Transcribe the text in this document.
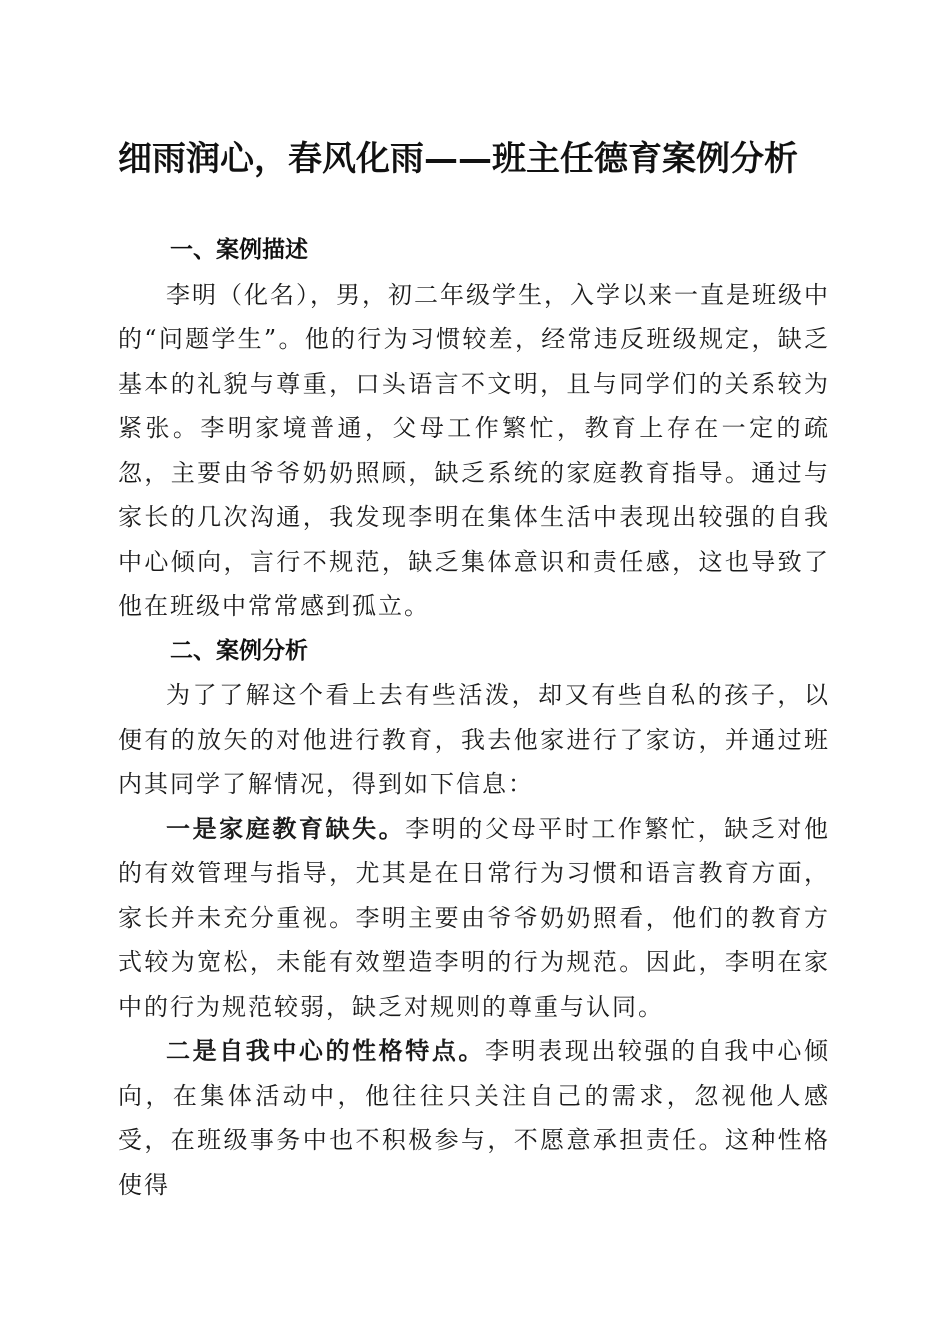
细雨润心，春风化雨——班主任德育案例分析
一、案例描述

李明（化名），男，初二年级学生，入学以来一直是班级中的“问题学生”。他的行为习惯较差，经常违反班级规定，缺乏基本的礼貌与尊重，口头语言不文明，且与同学们的关系较为紧张。李明家境普通，父母工作繁忙，教育上存在一定的疏忽，主要由爷爷奶奶照顾，缺乏系统的家庭教育指导。通过与家长的几次沟通，我发现李明在集体生活中表现出较强的自我中心倾向，言行不规范，缺乏集体意识和责任感，这也导致了他在班级中常常感到孤立。

二、案例分析

为了了解这个看上去有些活泼，却又有些自私的孩子，以便有的放矢的对他进行教育，我去他家进行了家访，并通过班内其同学了解情况，得到如下信息：

一是家庭教育缺失。李明的父母平时工作繁忙，缺乏对他的有效管理与指导，尤其是在日常行为习惯和语言教育方面，家长并未充分重视。李明主要由爷爷奶奶照看，他们的教育方式较为宽松，未能有效塑造李明的行为规范。因此，李明在家中的行为规范较弱，缺乏对规则的尊重与认同。

二是自我中心的性格特点。李明表现出较强的自我中心倾向，在集体活动中，他往往只关注自己的需求，忽视他人感受，在班级事务中也不积极参与，不愿意承担责任。这种性格使得
